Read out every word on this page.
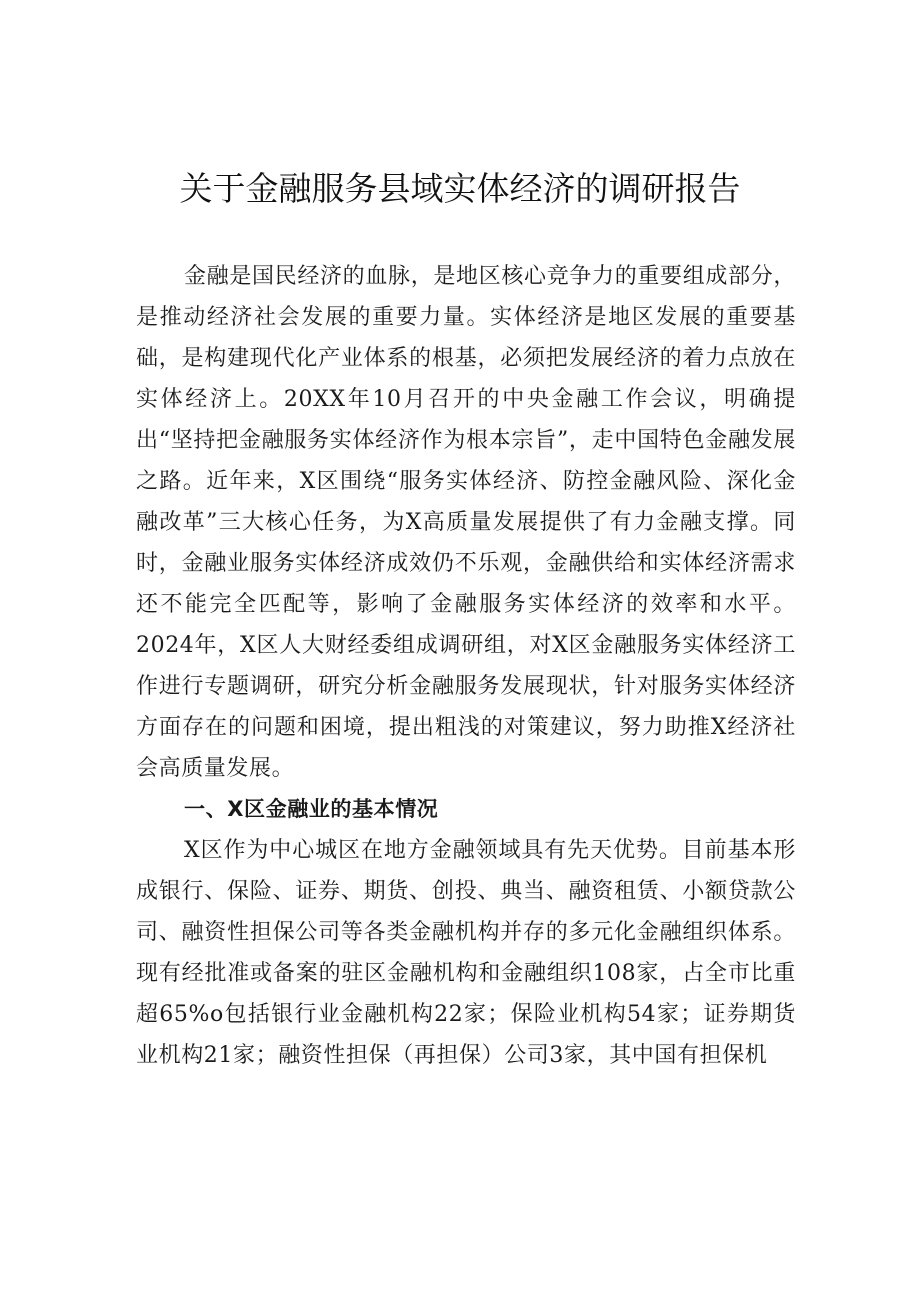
关于金融服务县域实体经济的调研报告

金融是国民经济的血脉，是地区核心竞争力的重要组成部分，是推动经济社会发展的重要力量。实体经济是地区发展的重要基础，是构建现代化产业体系的根基，必须把发展经济的着力点放在实体经济上。20XX年10月召开的中央金融工作会议，明确提出“坚持把金融服务实体经济作为根本宗旨”，走中国特色金融发展之路。近年来，X区围绕“服务实体经济、防控金融风险、深化金融改革”三大核心任务，为X高质量发展提供了有力金融支撑。同时，金融业服务实体经济成效仍不乐观，金融供给和实体经济需求还不能完全匹配等，影响了金融服务实体经济的效率和水平。2024年，X区人大财经委组成调研组，对X区金融服务实体经济工作进行专题调研，研究分析金融服务发展现状，针对服务实体经济方面存在的问题和困境，提出粗浅的对策建议，努力助推X经济社会高质量发展。

一、X区金融业的基本情况

X区作为中心城区在地方金融领域具有先天优势。目前基本形成银行、保险、证券、期货、创投、典当、融资租赁、小额贷款公司、融资性担保公司等各类金融机构并存的多元化金融组织体系。现有经批准或备案的驻区金融机构和金融组织108家，占全市比重超65%o包括银行业金融机构22家；保险业机构54家；证券期货业机构21家；融资性担保（再担保）公司3家，其中国有担保机
